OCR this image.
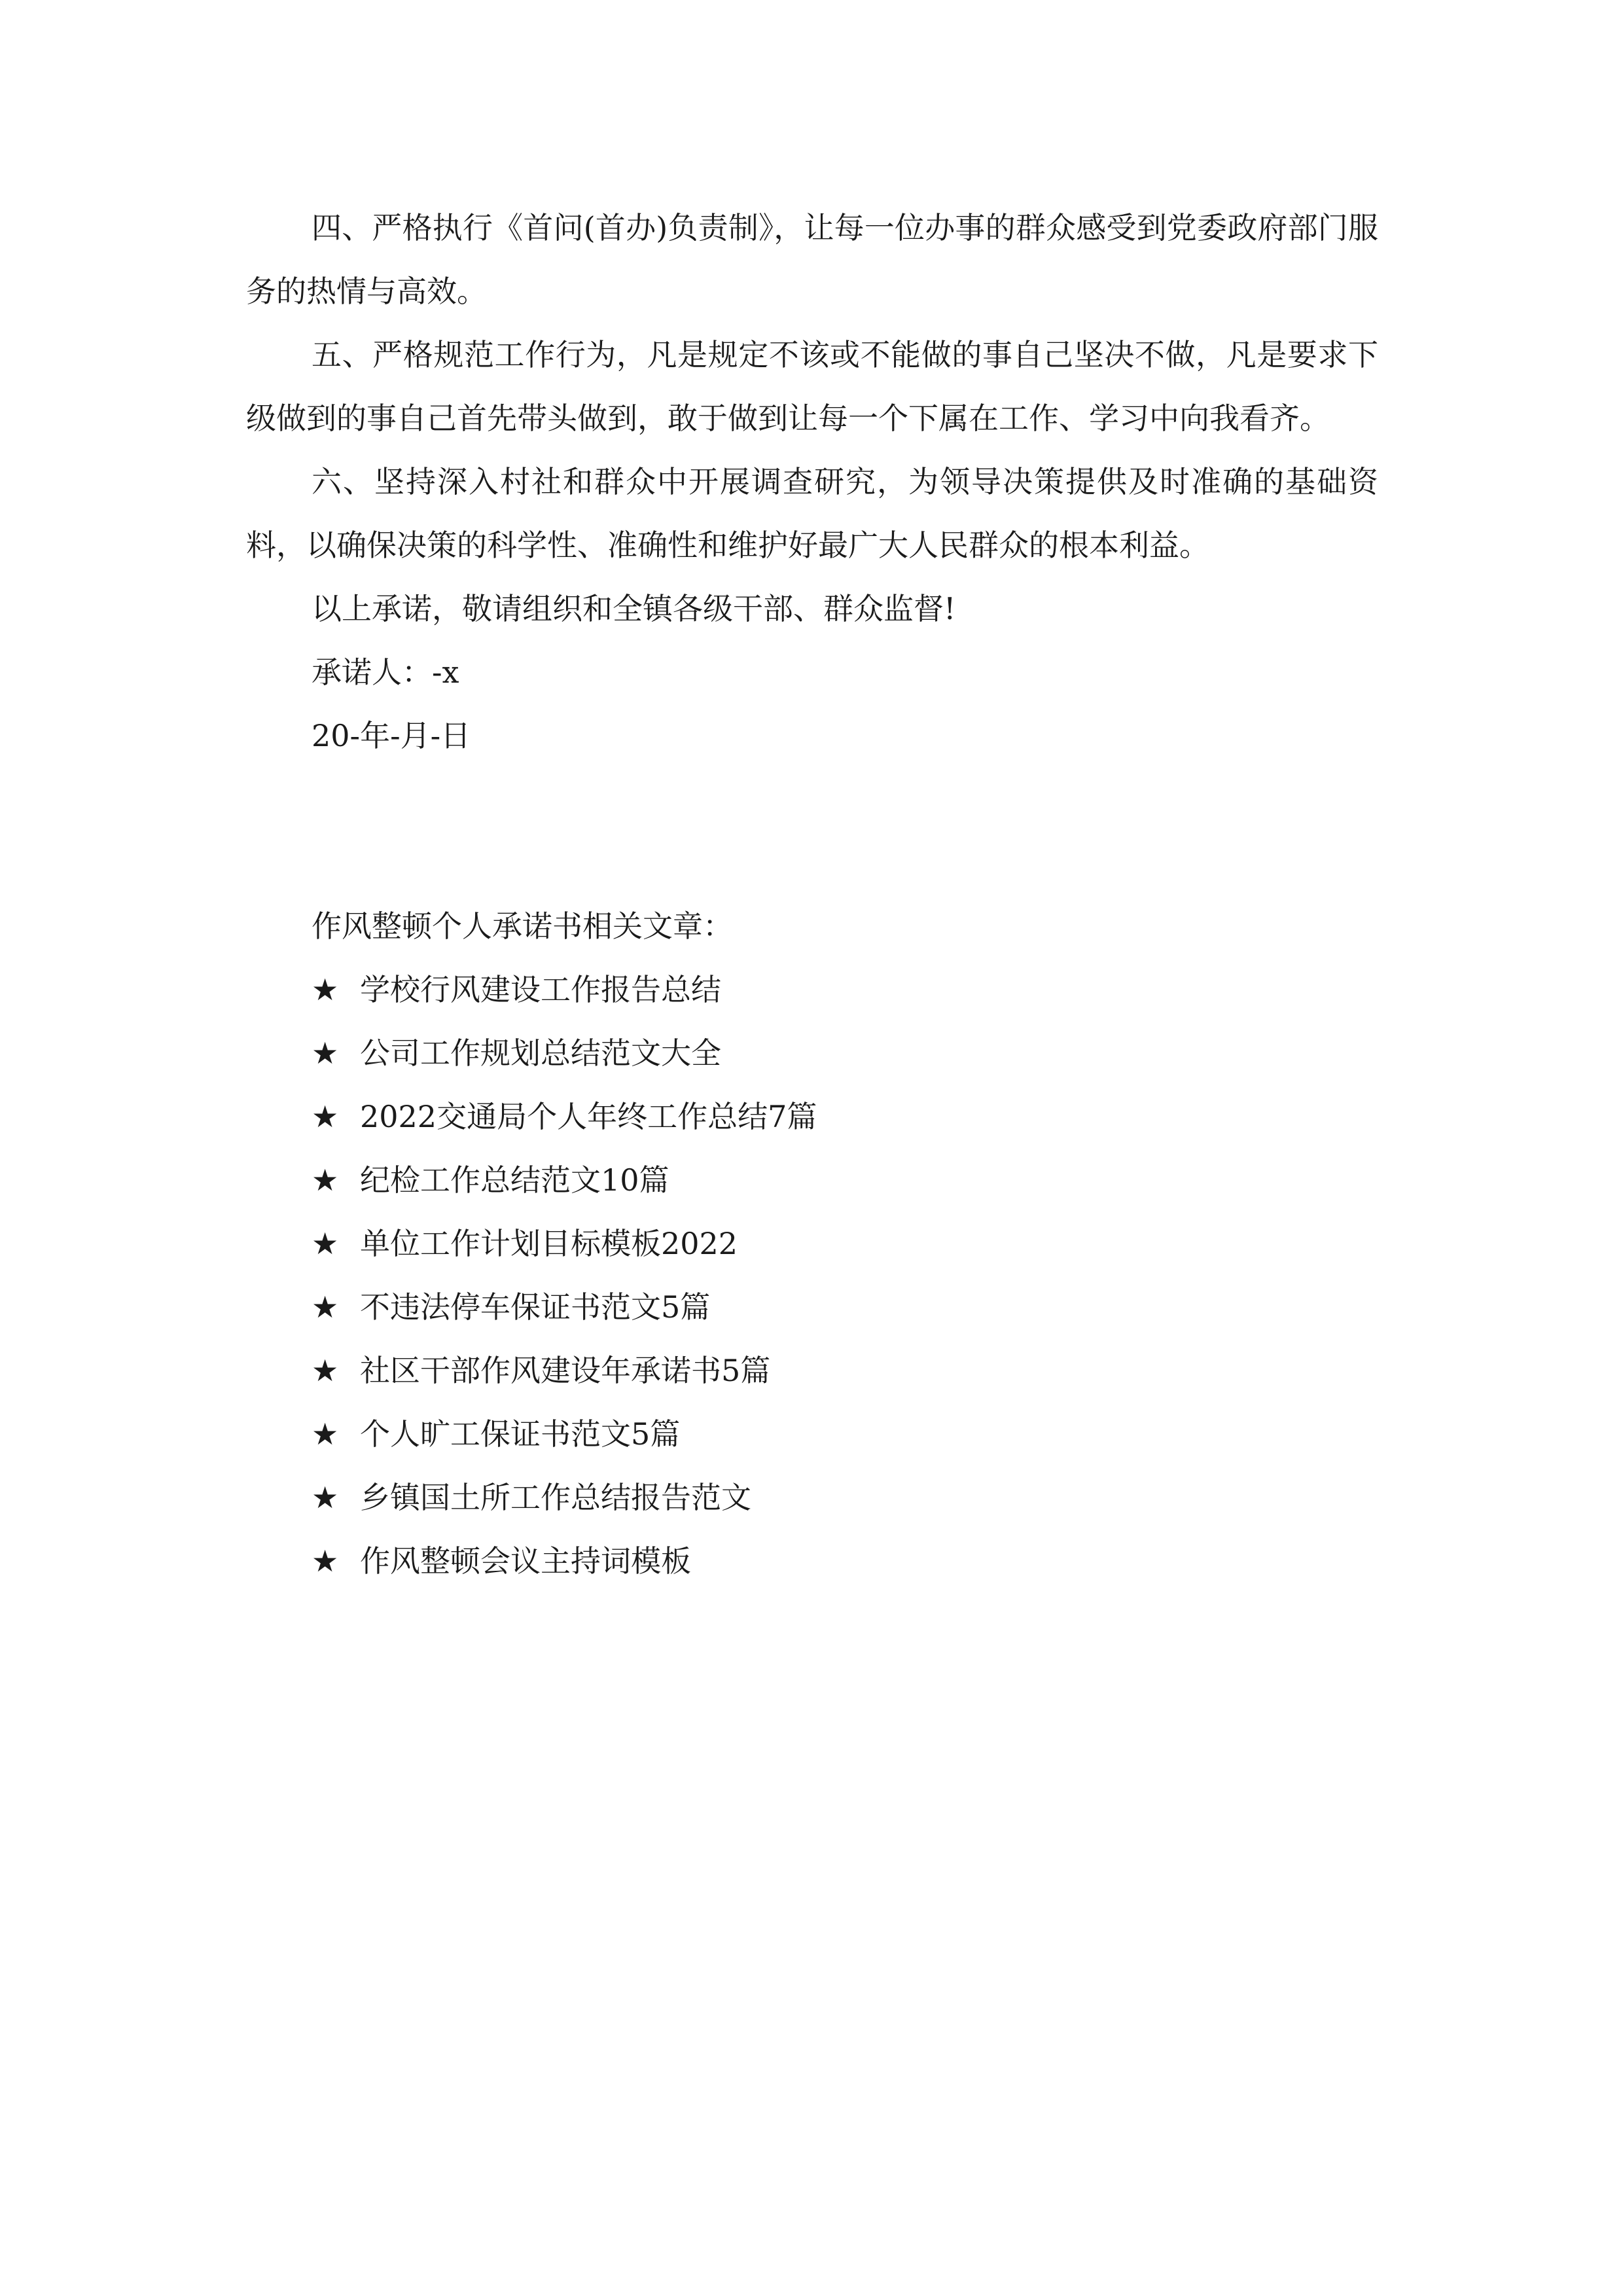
四、严格执行《首问(首办)负责制》，让每一位办事的群众感受到党委政府部门服务的热情与高效。

五、严格规范工作行为，凡是规定不该或不能做的事自己坚决不做，凡是要求下级做到的事自己首先带头做到，敢于做到让每一个下属在工作、学习中向我看齐。

六、坚持深入村社和群众中开展调查研究，为领导决策提供及时准确的基础资料，以确保决策的科学性、准确性和维护好最广大人民群众的根本利益。

以上承诺，敬请组织和全镇各级干部、群众监督!

承诺人：-x

20-年-月-日

作风整顿个人承诺书相关文章：

★ 学校行风建设工作报告总结
★ 公司工作规划总结范文大全
★ 2022交通局个人年终工作总结7篇
★ 纪检工作总结范文10篇
★ 单位工作计划目标模板2022
★ 不违法停车保证书范文5篇
★ 社区干部作风建设年承诺书5篇
★ 个人旷工保证书范文5篇
★ 乡镇国土所工作总结报告范文
★ 作风整顿会议主持词模板
